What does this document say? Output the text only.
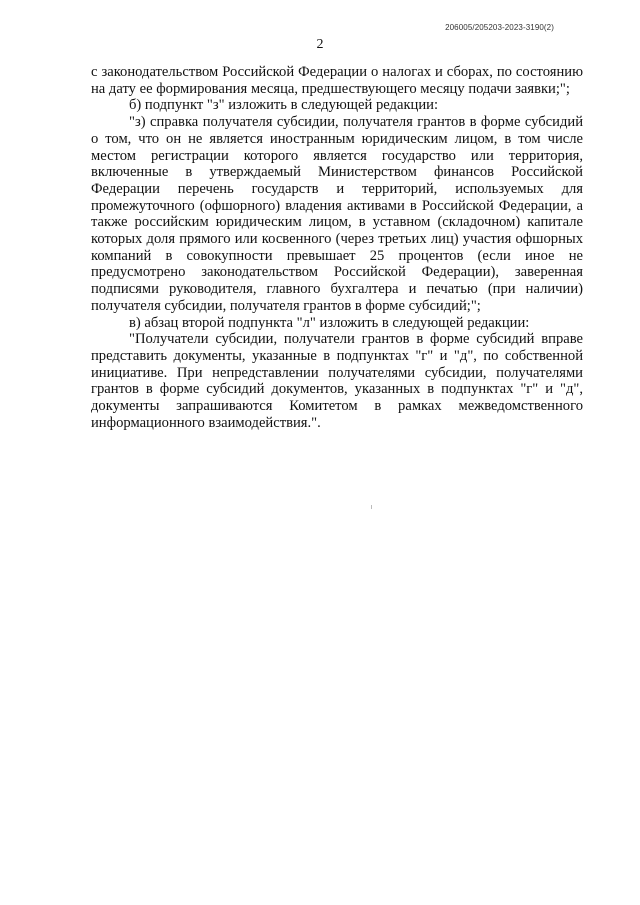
206005/205203-2023-3190(2)
2

с законодательством Российской Федерации о налогах и сборах, по состоянию на дату ее формирования месяца, предшествующего месяцу подачи заявки;";

б) подпункт "з" изложить в следующей редакции:

"з) справка получателя субсидии, получателя грантов в форме субсидий о том, что он не является иностранным юридическим лицом, в том числе местом регистрации которого является государство или территория, включенные в утверждаемый Министерством финансов Российской Федерации перечень государств и территорий, используемых для промежуточного (офшорного) владения активами в Российской Федерации, а также российским юридическим лицом, в уставном (складочном) капитале которых доля прямого или косвенного (через третьих лиц) участия офшорных компаний в совокупности превышает 25 процентов (если иное не предусмотрено законодательством Российской Федерации), заверенная подписями руководителя, главного бухгалтера и печатью (при наличии) получателя субсидии, получателя грантов в форме субсидий;";

в) абзац второй подпункта "л" изложить в следующей редакции:

"Получатели субсидии, получатели грантов в форме субсидий вправе представить документы, указанные в подпунктах "г" и "д", по собственной инициативе. При непредставлении получателями субсидии, получателями грантов в форме субсидий документов, указанных в подпунктах "г" и "д", документы запрашиваются Комитетом в рамках межведомственного информационного взаимодействия.".
